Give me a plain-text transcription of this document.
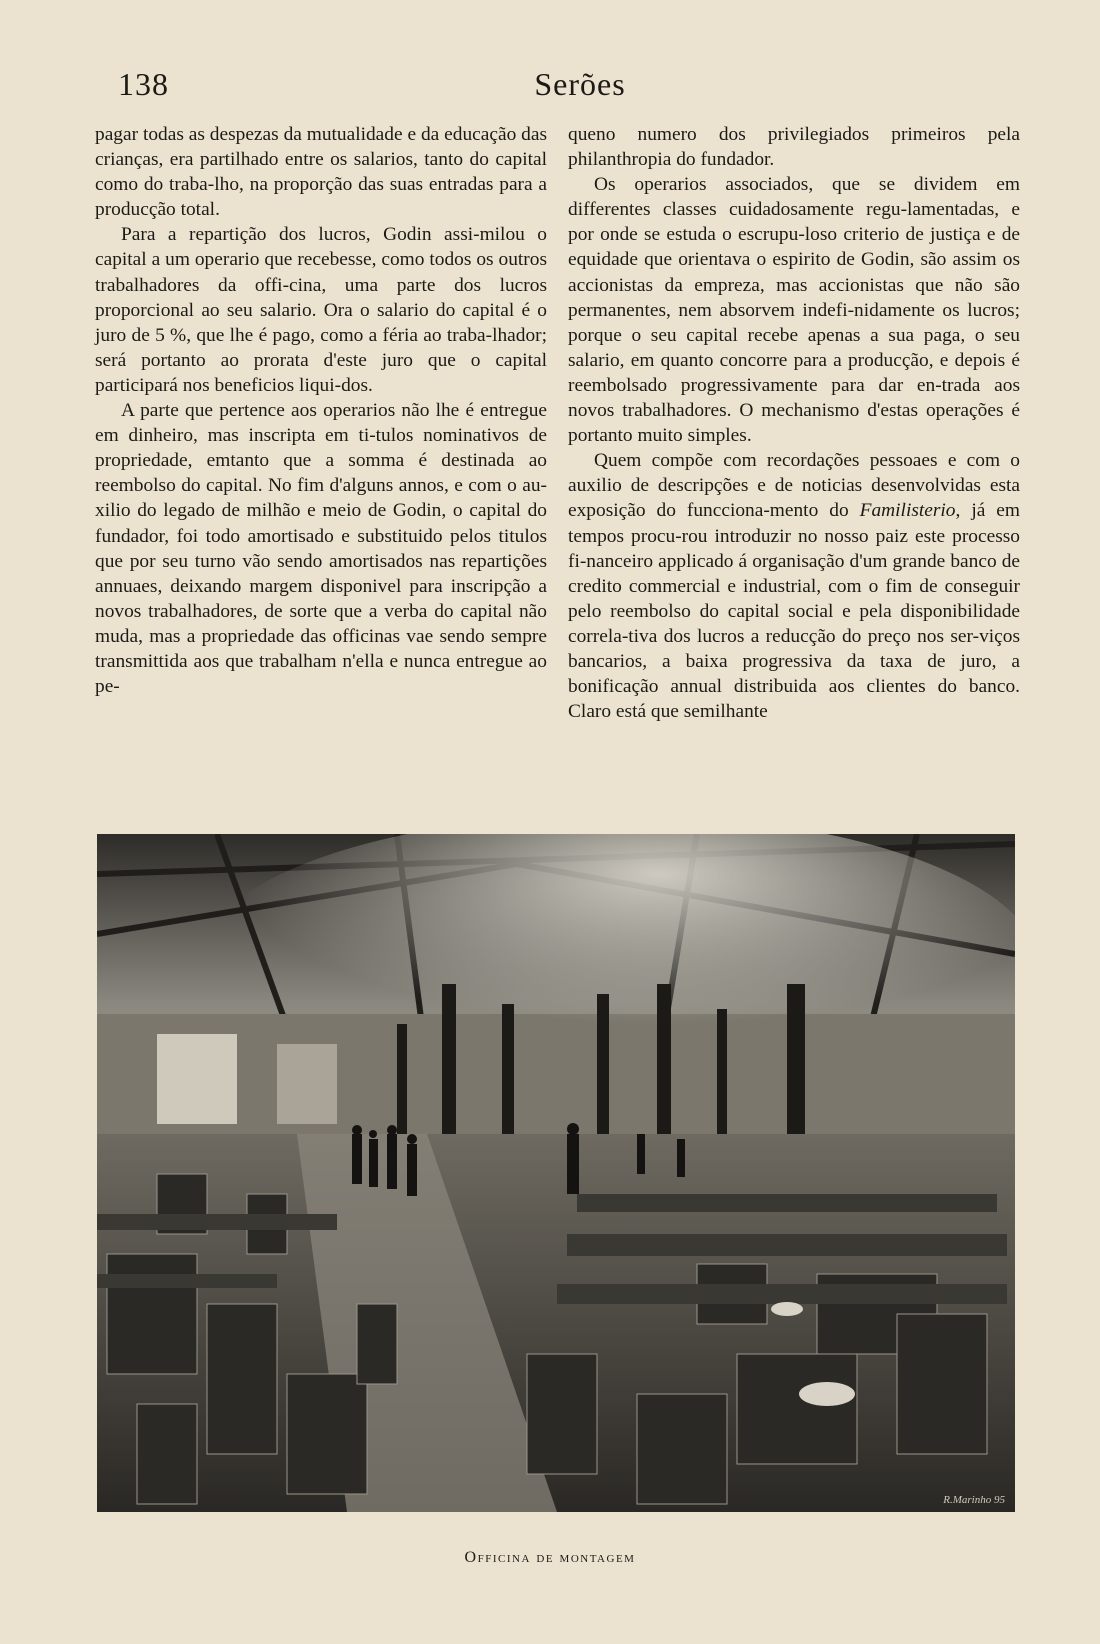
138	Serões

pagar todas as despezas da mutualidade e da educação das crianças, era partilhado entre os salarios, tanto do capital como do traba-lho, na proporção das suas entradas para a producção total.

Para a repartição dos lucros, Godin assi-milou o capital a um operario que recebesse, como todos os outros trabalhadores da offi-cina, uma parte dos lucros proporcional ao seu salario. Ora o salario do capital é o juro de 5 %, que lhe é pago, como a féria ao traba-lhador; será portanto ao prorata d'este juro que o capital participará nos beneficios liqui-dos.

A parte que pertence aos operarios não lhe é entregue em dinheiro, mas inscripta em ti-tulos nominativos de propriedade, emtanto que a somma é destinada ao reembolso do capital. No fim d'alguns annos, e com o au-xilio do legado de milhão e meio de Godin, o capital do fundador, foi todo amortisado e substituido pelos titulos que por seu turno vão sendo amortisados nas repartições annuaes, deixando margem disponivel para inscripção a novos trabalhadores, de sorte que a verba do capital não muda, mas a propriedade das officinas vae sendo sempre transmittida aos que trabalham n'ella e nunca entregue ao pe-

queno numero dos privilegiados primeiros pela philanthropia do fundador.

Os operarios associados, que se dividem em differentes classes cuidadosamente regu-lamentadas, e por onde se estuda o escrupu-loso criterio de justiça e de equidade que orientava o espirito de Godin, são assim os accionistas da empreza, mas accionistas que não são permanentes, nem absorvem indefi-nidamente os lucros; porque o seu capital recebe apenas a sua paga, o seu salario, em quanto concorre para a producção, e depois é reembolsado progressivamente para dar en-trada aos novos trabalhadores. O mechanismo d'estas operações é portanto muito simples.

Quem compõe com recordações pessoaes e com o auxilio de descripções e de noticias desenvolvidas esta exposição do funcciona-mento do Familisterio, já em tempos procu-rou introduzir no nosso paiz este processo fi-nanceiro applicado á organisação d'um grande banco de credito commercial e industrial, com o fim de conseguir pelo reembolso do capital social e pela disponibilidade correla-tiva dos lucros a reducção do preço nos ser-viços bancarios, a baixa progressiva da taxa de juro, a bonificação annual distribuida aos clientes do banco. Claro está que semilhante

R.Marinho 95
Officina de montagem
